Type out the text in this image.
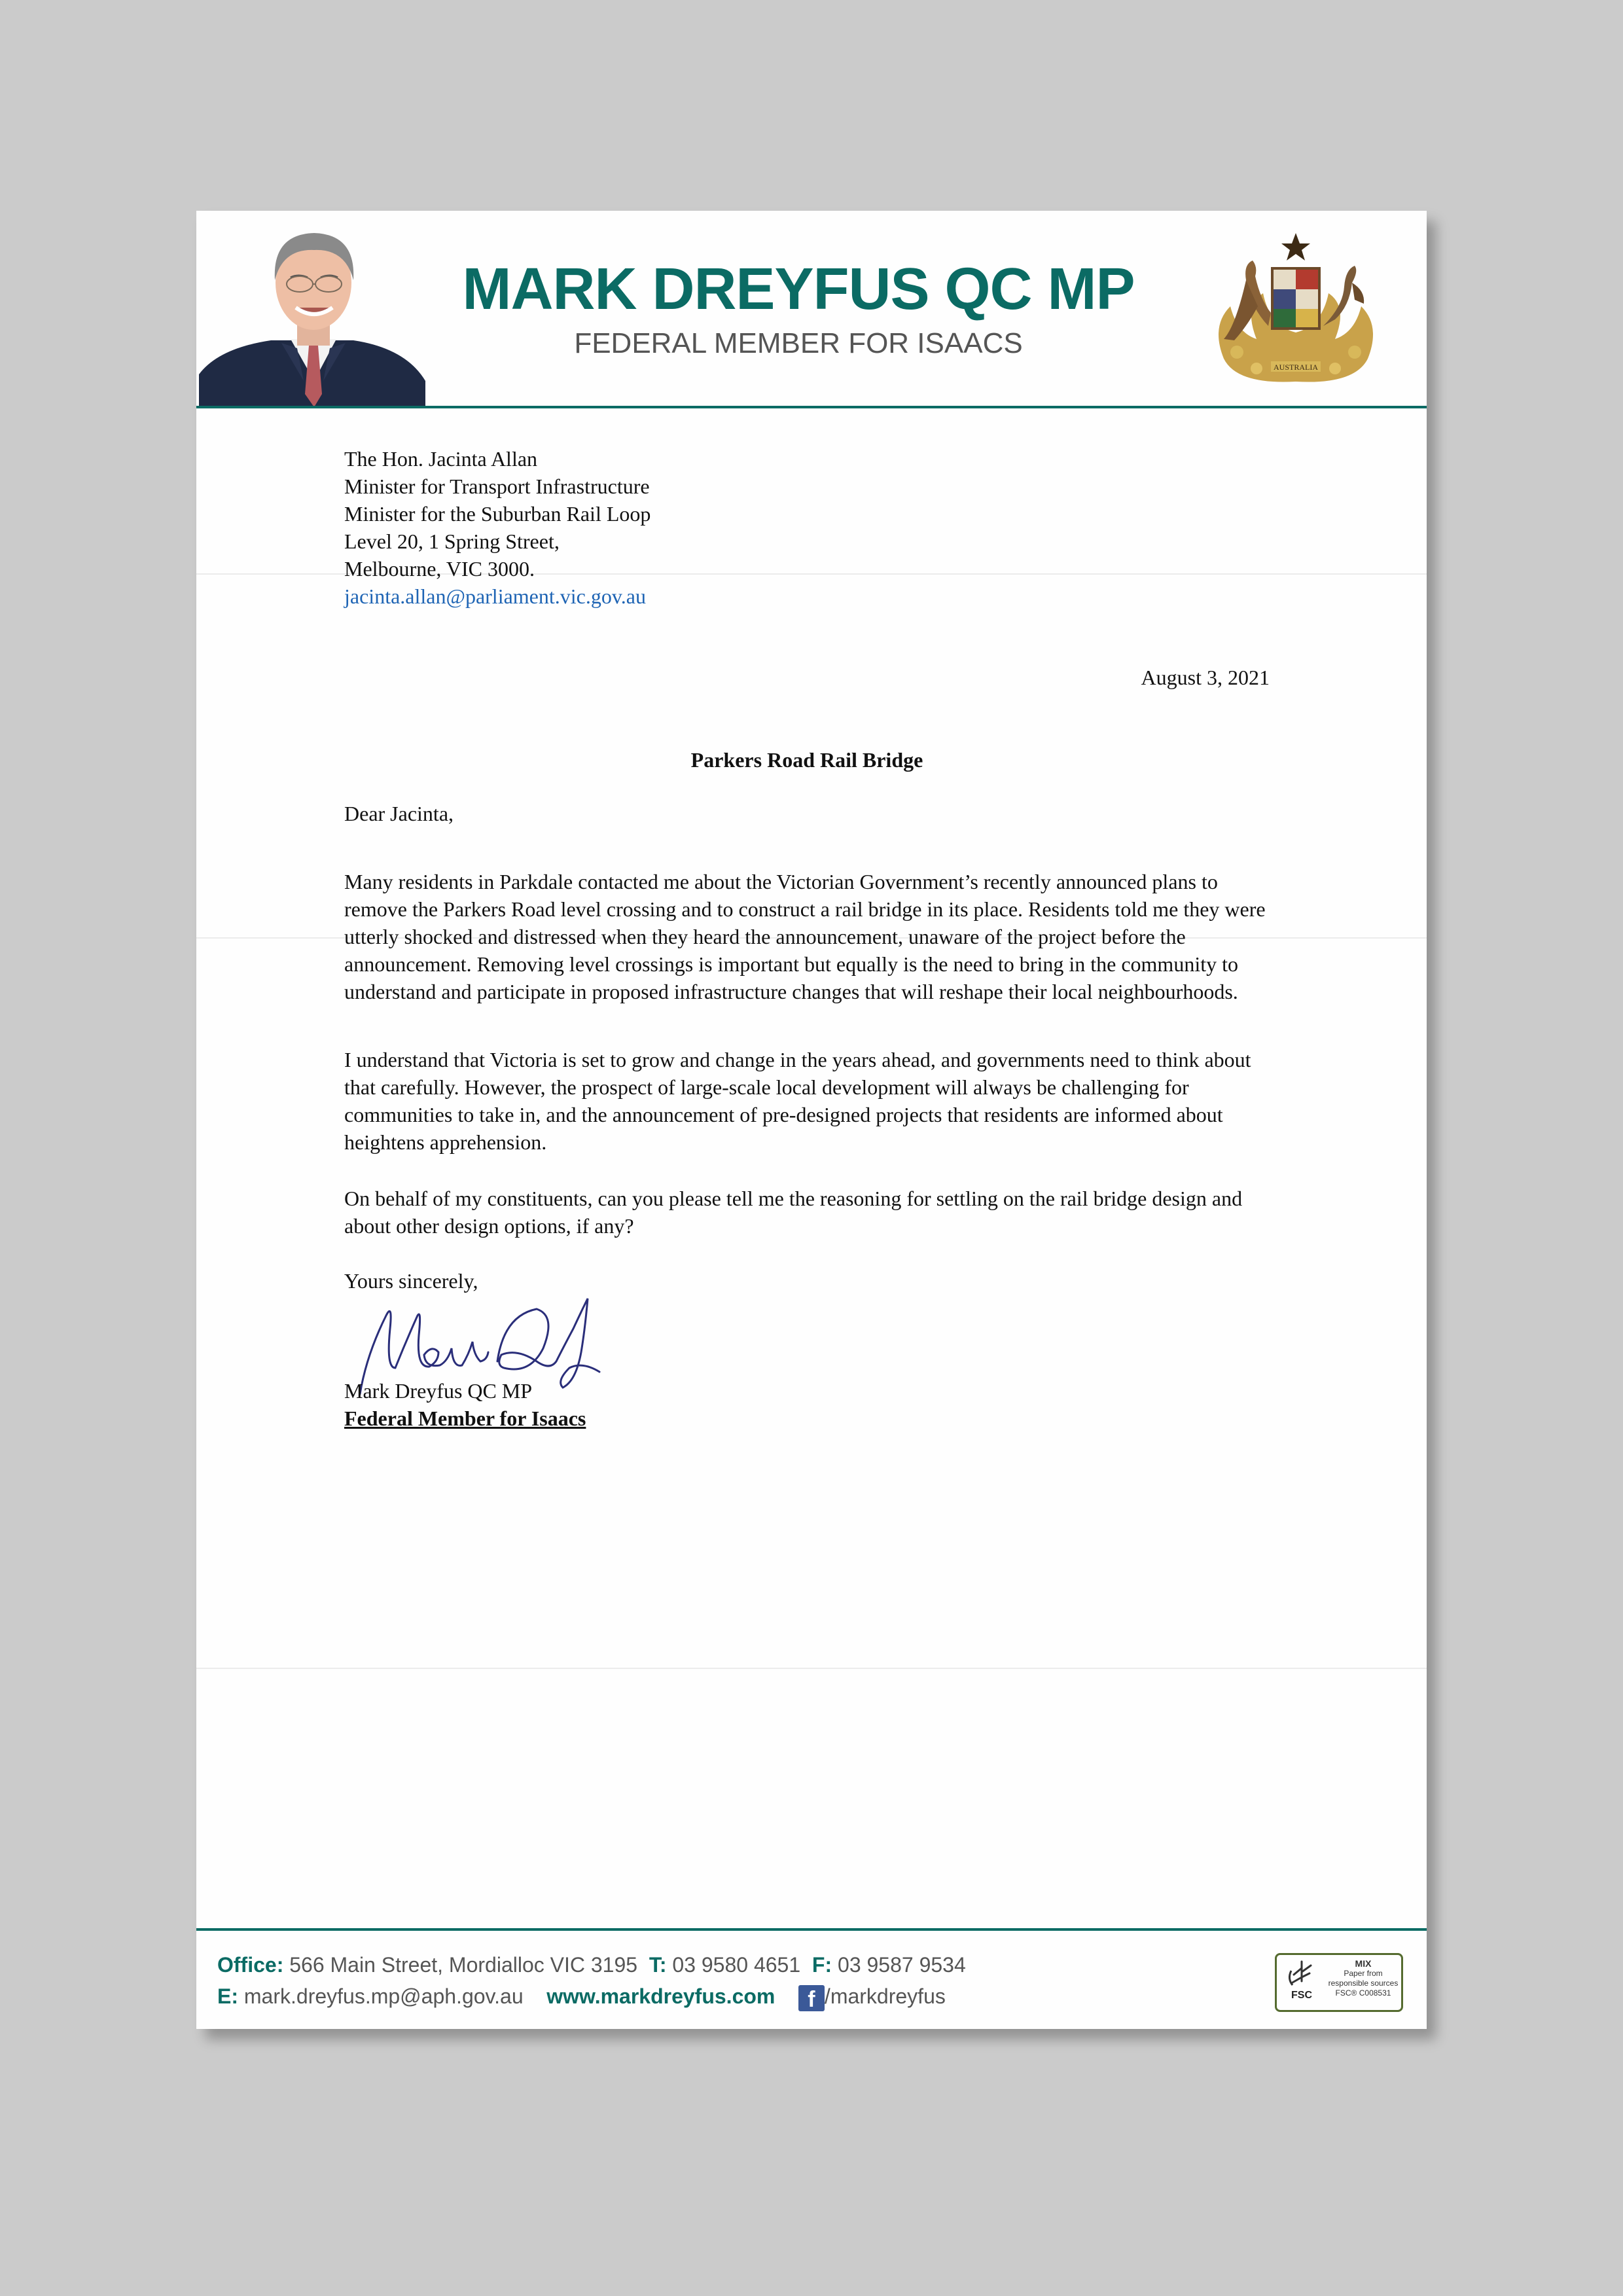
MARK DREYFUS QC MP
FEDERAL MEMBER FOR ISAACS
AUSTRALIA
The Hon. Jacinta Allan
Minister for Transport Infrastructure
Minister for the Suburban Rail Loop
Level 20, 1 Spring Street,
Melbourne, VIC 3000.
jacinta.allan@parliament.vic.gov.au
August 3, 2021
Parkers Road Rail Bridge
Dear Jacinta,
Many residents in Parkdale contacted me about the Victorian Government’s recently announced plans to remove the Parkers Road level crossing and to construct a rail bridge in its place. Residents told me they were utterly shocked and distressed when they heard the announcement, unaware of the project before the announcement. Removing level crossings is important but equally is the need to bring in the community to understand and participate in proposed infrastructure changes that will reshape their local neighbourhoods.
I understand that Victoria is set to grow and change in the years ahead, and governments need to think about that carefully. However, the prospect of large-scale local development will always be challenging for communities to take in, and the announcement of pre-designed projects that residents are informed about heightens apprehension.
On behalf of my constituents, can you please tell me the reasoning for settling on the rail bridge design and about other design options, if any?
Yours sincerely,
Mark Dreyfus QC MP
Federal Member for Isaacs
Office: 566 Main Street, Mordialloc VIC 3195 T: 03 9580 4651 F: 03 9587 9534
E: mark.dreyfus.mp@aph.gov.au www.markdreyfus.com f /markdreyfus	FSC
MIX
Paper from
responsible sources
FSC® C008531
